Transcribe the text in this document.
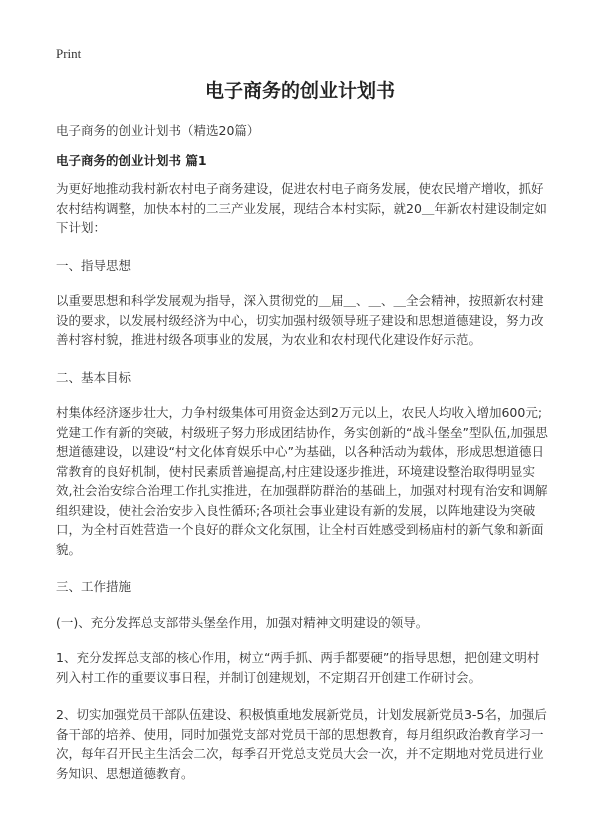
Print
电子商务的创业计划书
电子商务的创业计划书（精选20篇）
电子商务的创业计划书 篇1

为更好地推动我村新农村电子商务建设，促进农村电子商务发展，使农民增产增收，抓好农村结构调整，加快本村的二三产业发展，现结合本村实际，就20＿年新农村建设制定如下计划：

一、指导思想

以重要思想和科学发展观为指导，深入贯彻党的＿届＿、＿、＿全会精神，按照新农村建设的要求，以发展村级经济为中心，切实加强村级领导班子建设和思想道德建设，努力改善村容村貌，推进村级各项事业的发展，为农业和农村现代化建设作好示范。

二、基本目标

村集体经济逐步壮大，力争村级集体可用资金达到2万元以上，农民人均收入增加600元;党建工作有新的突破，村级班子努力形成团结协作，务实创新的“战斗堡垒”型队伍,加强思想道德建设，以建设“村文化体育娱乐中心”为基础，以各种活动为载体，形成思想道德日常教育的良好机制，使村民素质普遍提高,村庄建设逐步推进，环境建设整治取得明显实效,社会治安综合治理工作扎实推进，在加强群防群治的基础上，加强对村现有治安和调解组织建设，使社会治安步入良性循环;各项社会事业建设有新的发展，以阵地建设为突破口，为全村百姓营造一个良好的群众文化氛围，让全村百姓感受到杨庙村的新气象和新面貌。

三、工作措施

(一)、充分发挥总支部带头堡垒作用，加强对精神文明建设的领导。

1、充分发挥总支部的核心作用，树立“两手抓、两手都要硬”的指导思想，把创建文明村列入村工作的重要议事日程，并制订创建规划，不定期召开创建工作研讨会。

2、切实加强党员干部队伍建设、积极慎重地发展新党员，计划发展新党员3-5名，加强后备干部的培养、使用，同时加强党支部对党员干部的思想教育，每月组织政治教育学习一次，每年召开民主生活会二次，每季召开党总支党员大会一次，并不定期地对党员进行业务知识、思想道德教育。
